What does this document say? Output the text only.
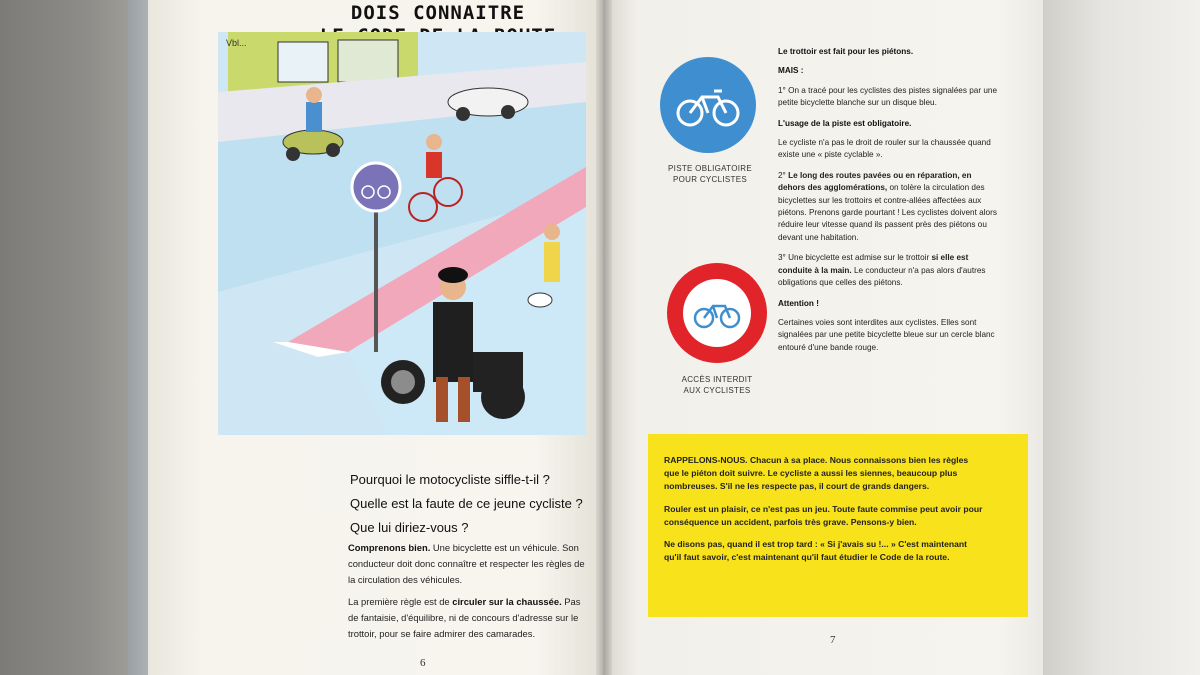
DOIS CONNAITRE
Vbl...
Pourquoi le motocycliste siffle-t-il ?
Quelle est la faute de ce jeune cycliste ?
Que lui diriez-vous ?

Comprenons bien. Une bicyclette est un véhicule. Son conducteur doit donc connaître et respecter les règles de la circulation des véhicules.

La première règle est de circuler sur la chaussée. Pas de fantaisie, d'équilibre, ni de concours d'adresse sur le trottoir, pour se faire admirer des camarades.

6
PISTE OBLIGATOIRE
POUR CYCLISTES
ACCÈS INTERDIT
AUX CYCLISTES
Le trottoir est fait pour les piétons.
MAIS :
1° On a tracé pour les cyclistes des pistes signalées par une petite bicyclette blanche sur un disque bleu.
L'usage de la piste est obligatoire.
Le cycliste n'a pas le droit de rouler sur la chaussée quand existe une « piste cyclable ».
2° Le long des routes pavées ou en réparation, en dehors des agglomérations, on tolère la circulation des bicyclettes sur les trottoirs et contre-allées affectées aux piétons. Prenons garde pourtant ! Les cyclistes doivent alors réduire leur vitesse quand ils passent près des piétons ou devant une habitation.
3° Une bicyclette est admise sur le trottoir si elle est conduite à la main. Le conducteur n'a pas alors d'autres obligations que celles des piétons.
Attention !
Certaines voies sont interdites aux cyclistes. Elles sont signalées par une petite bicyclette bleue sur un cercle blanc entouré d'une bande rouge.

RAPPELONS-NOUS. Chacun à sa place. Nous connaissons bien les règles que le piéton doit suivre. Le cycliste a aussi les siennes, beaucoup plus nombreuses. S'il ne les respecte pas, il court de grands dangers.

Rouler est un plaisir, ce n'est pas un jeu. Toute faute commise peut avoir pour conséquence un accident, parfois très grave. Pensons-y bien.

Ne disons pas, quand il est trop tard : « Si j'avais su !... » C'est maintenant qu'il faut savoir, c'est maintenant qu'il faut étudier le Code de la route.

7
